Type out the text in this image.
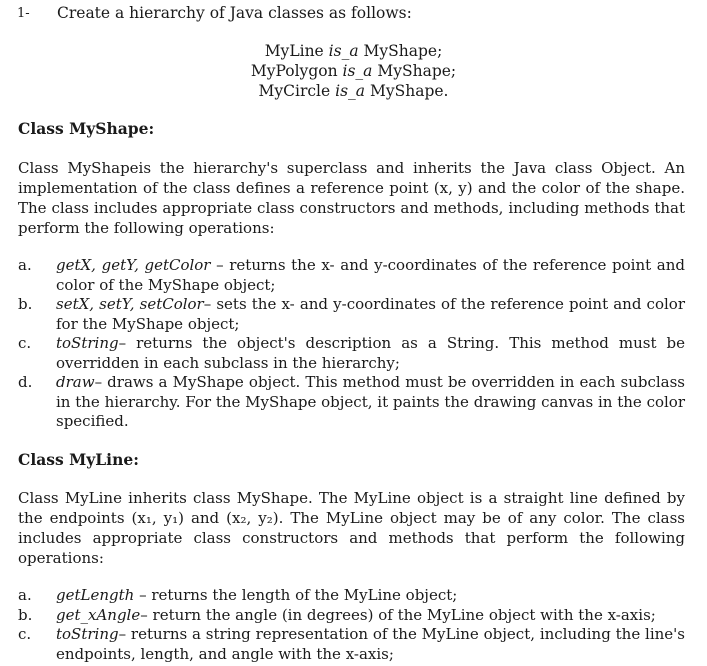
1- Create a hierarchy of Java classes as follows:
MyLine is_a MyShape;
MyPolygon is_a MyShape;
MyCircle is_a MyShape.
Class MyShape:
Class MyShapeis the hierarchy's superclass and inherits the Java class Object. An implementation of the class defines a reference point (x, y) and the color of the shape. The class includes appropriate class constructors and methods, including methods that perform the following operations:
a. getX, getY, getColor – returns the x- and y-coordinates of the reference point and color of the MyShape object;
b. setX, setY, setColor– sets the x- and y-coordinates of the reference point and color for the MyShape object;
c. toString– returns the object's description as a String. This method must be overridden in each subclass in the hierarchy;
d. draw– draws a MyShape object. This method must be overridden in each subclass in the hierarchy. For the MyShape object, it paints the drawing canvas in the color specified.
Class MyLine:
Class MyLine inherits class MyShape. The MyLine object is a straight line defined by the endpoints (x₁, y₁) and (x₂, y₂). The MyLine object may be of any color. The class includes appropriate class constructors and methods that perform the following operations:
a. getLength – returns the length of the MyLine object;
b. get_xAngle– return the angle (in degrees) of the MyLine object with the x-axis;
c. toString– returns a string representation of the MyLine object, including the line's endpoints, length, and angle with the x-axis;
